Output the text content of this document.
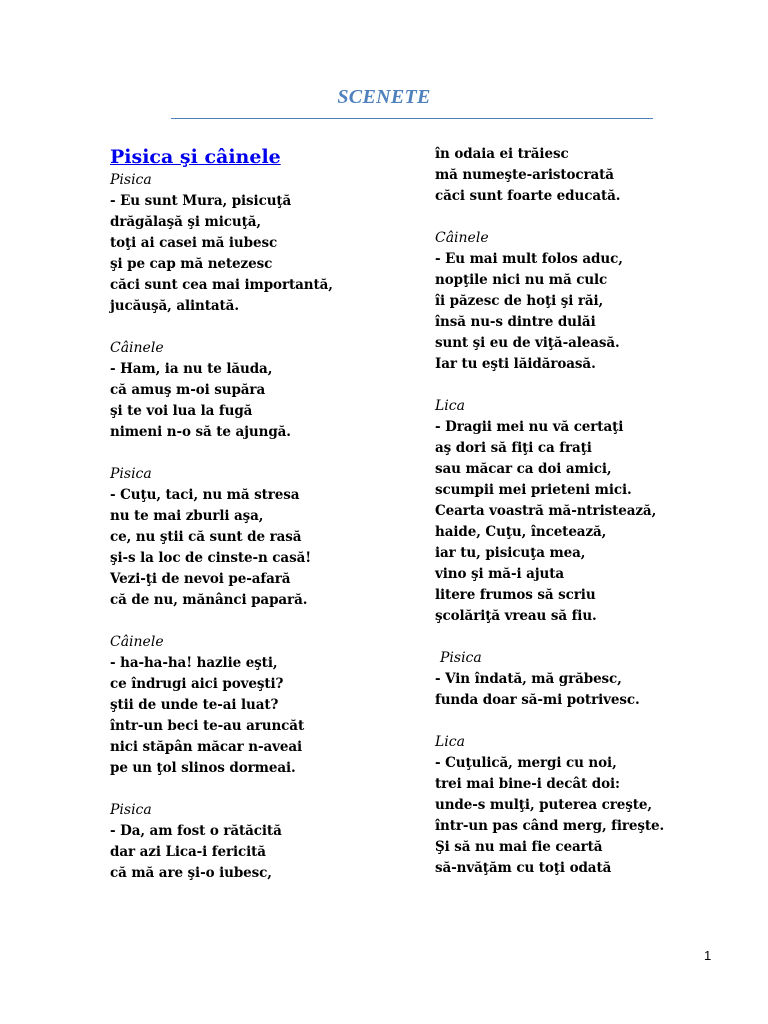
SCENETE
Pisica şi câinele
Pisica
- Eu sunt Mura, pisicuţă
drăgălaşă şi micuţă,
toţi ai casei mă iubesc
şi pe cap mă netezesc
căci sunt cea mai importantă,
jucăuşă, alintată.
Câinele
- Ham, ia nu te lăuda,
că amuş m-oi supăra
şi te voi lua la fugă
nimeni n-o să te ajungă.
Pisica
- Cuţu, taci, nu mă stresa
nu te mai zburli aşa,
ce, nu ştii că sunt de rasă
şi-s la loc de cinste-n casă!
Vezi-ţi de nevoi pe-afară
că de nu, mănânci papară.
Câinele
- ha-ha-ha! hazlie eşti,
ce îndrugi aici poveşti?
ştii de unde te-ai luat?
într-un beci te-au aruncăt
nici stăpân măcar n-aveai
pe un ţol slinos dormeai.
Pisica
- Da, am fost o rătăcită
dar azi Lica-i fericită
că mă are şi-o iubesc,
în odaia ei trăiesc
mă numeşte-aristocrată
căci sunt foarte educată.
Câinele
- Eu mai mult folos aduc,
nopţile nici nu mă culc
îi păzesc de hoţi şi răi,
însă nu-s dintre dulăi
sunt şi eu de viţă-aleasă.
Iar tu eşti lăidăroasă.
Lica
- Dragii mei nu vă certaţi
aş dori să fiţi ca fraţi
sau măcar ca doi amici,
scumpii mei prieteni mici.
Cearta voastră mă-ntristează,
haide, Cuţu, încetează,
iar tu, pisicuţa mea,
vino şi mă-i ajuta
litere frumos să scriu
şcolăriţă vreau să fiu.
Pisica
- Vin îndată, mă grăbesc,
funda doar să-mi potrivesc.
Lica
- Cuţulică, mergi cu noi,
trei mai bine-i decât doi:
unde-s mulţi, puterea creşte,
într-un pas când merg, fireşte.
Şi să nu mai fie ceartă
să-nvăţăm cu toţi odată
1
